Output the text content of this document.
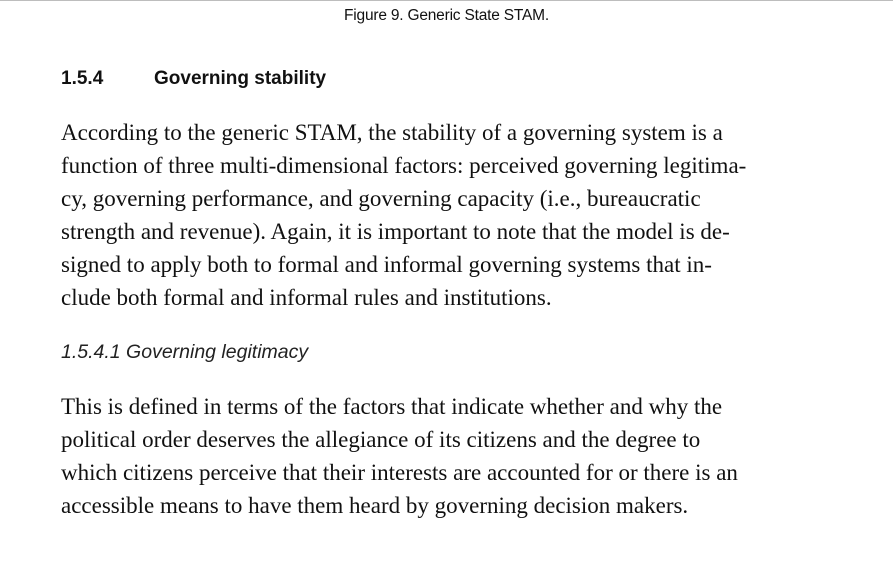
Figure 9. Generic State STAM.
1.5.4	Governing stability

According to the generic STAM, the stability of a governing system is a
function of three multi-dimensional factors: perceived governing legitima-
cy, governing performance, and governing capacity (i.e., bureaucratic
strength and revenue). Again, it is important to note that the model is de-
signed to apply both to formal and informal governing systems that in-
clude both formal and informal rules and institutions.

1.5.4.1 Governing legitimacy

This is defined in terms of the factors that indicate whether and why the
political order deserves the allegiance of its citizens and the degree to
which citizens perceive that their interests are accounted for or there is an
accessible means to have them heard by governing decision makers.
